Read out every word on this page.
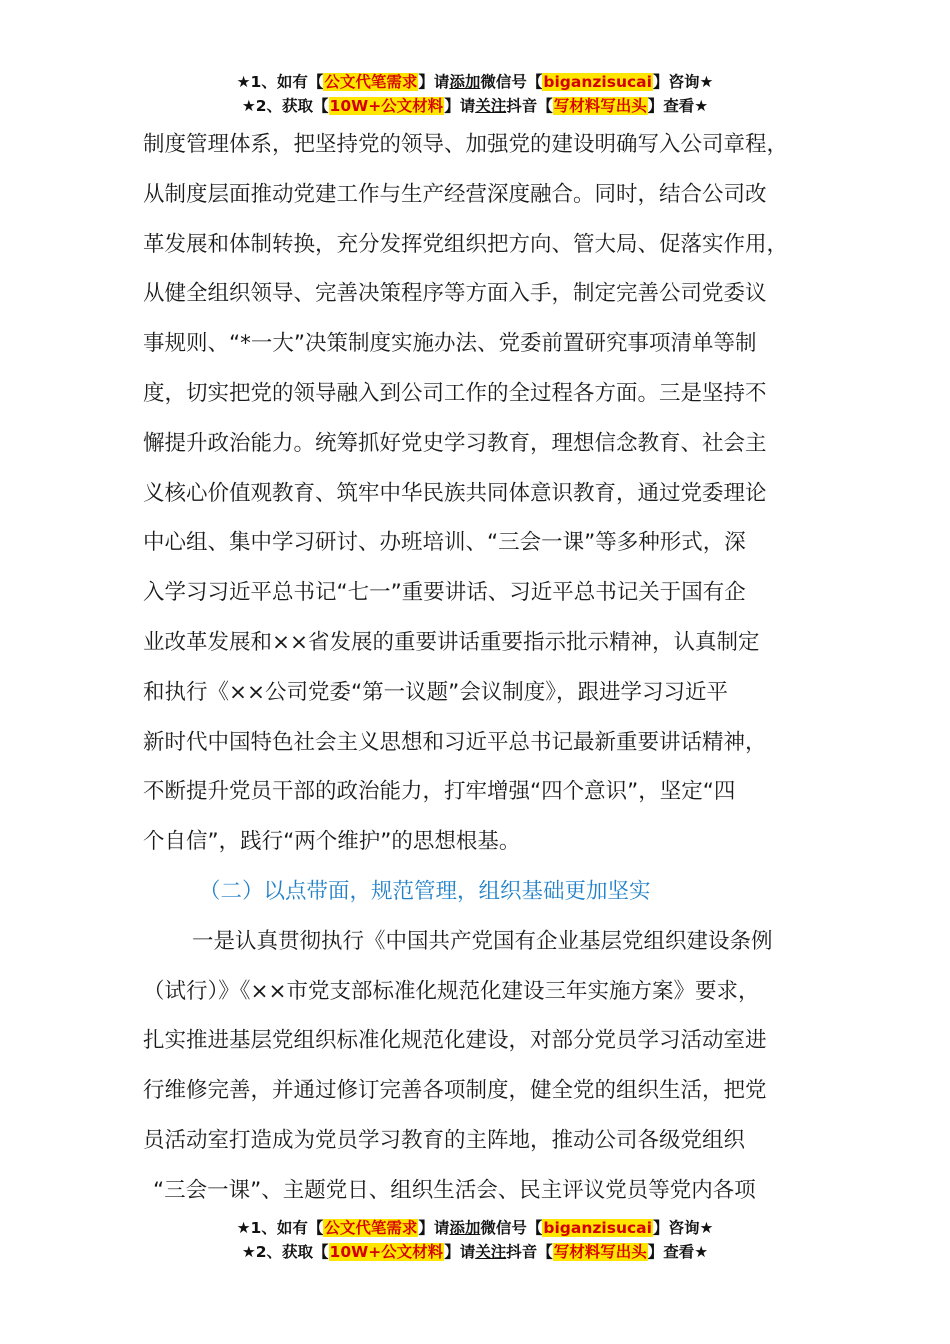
★1、如有【公文代笔需求】请添加微信号【biganzisucai】咨询★
★2、获取【10W+公文材料】请关注抖音【写材料写出头】查看★
制度管理体系，把坚持党的领导、加强党的建设明确写入公司章程，
从制度层面推动党建工作与生产经营深度融合。同时，结合公司改
革发展和体制转换，充分发挥党组织把方向、管大局、促落实作用，
从健全组织领导、完善决策程序等方面入手，制定完善公司党委议
事规则、“*一大”决策制度实施办法、党委前置研究事项清单等制
度，切实把党的领导融入到公司工作的全过程各方面。三是坚持不
懈提升政治能力。统筹抓好党史学习教育，理想信念教育、社会主
义核心价值观教育、筑牢中华民族共同体意识教育，通过党委理论
中心组、集中学习研讨、办班培训、“三会一课”等多种形式，深
入学习习近平总书记“七一”重要讲话、习近平总书记关于国有企
业改革发展和××省发展的重要讲话重要指示批示精神，认真制定
和执行《××公司党委“第一议题”会议制度》，跟进学习习近平
新时代中国特色社会主义思想和习近平总书记最新重要讲话精神，
不断提升党员干部的政治能力，打牢增强“四个意识”，坚定“四
个自信”，践行“两个维护”的思想根基。
（二）以点带面，规范管理，组织基础更加坚实
一是认真贯彻执行《中国共产党国有企业基层党组织建设条例
（试行）》《××市党支部标准化规范化建设三年实施方案》要求，
扎实推进基层党组织标准化规范化建设，对部分党员学习活动室进
行维修完善，并通过修订完善各项制度，健全党的组织生活，把党
员活动室打造成为党员学习教育的主阵地，推动公司各级党组织
“三会一课”、主题党日、组织生活会、民主评议党员等党内各项
★1、如有【公文代笔需求】请添加微信号【biganzisucai】咨询★
★2、获取【10W+公文材料】请关注抖音【写材料写出头】查看★
